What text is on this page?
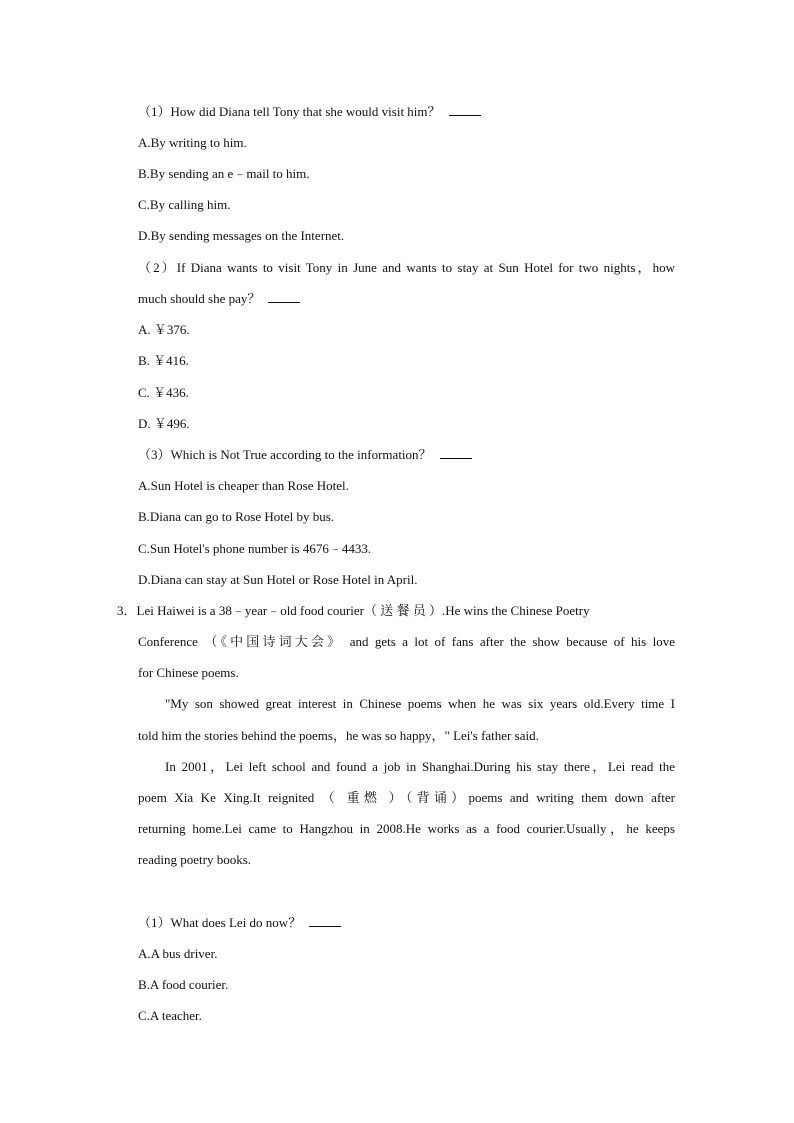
（1）How did Diana tell Tony that she would visit him？
A.By writing to him.
B.By sending an e﹣mail to him.
C.By calling him.
D.By sending messages on the Internet.
（2）If Diana wants to visit Tony in June and wants to stay at Sun Hotel for two nights，how
much should she pay？
A. ￥376.
B. ￥416.
C. ￥436.
D. ￥496.
（3）Which is Not True according to the information？
A.Sun Hotel is cheaper than Rose Hotel.
B.Diana can go to Rose Hotel by bus.
C.Sun Hotel's phone number is 4676﹣4433.
D.Diana can stay at Sun Hotel or Rose Hotel in April.
3．Lei Haiwei is a 38﹣year﹣old food courier（ 送 餐 员 ）.He wins the Chinese Poetry
Conference （《中国诗词大会》 and gets a lot of fans after the show because of his love
for Chinese poems.
"My son showed great interest in Chinese poems when he was six years old.Every time I
told him the stories behind the poems，he was so happy，" Lei's father said.
In 2001，Lei left school and found a job in Shanghai.During his stay there，Lei read the
poem Xia Ke Xing.It reignited （ 重燃 ）（背诵）poems and writing them down after
returning home.Lei came to Hangzhou in 2008.He works as a food courier.Usually，he keeps
reading poetry books.
（1）What does Lei do now？
A.A bus driver.
B.A food courier.
C.A teacher.
